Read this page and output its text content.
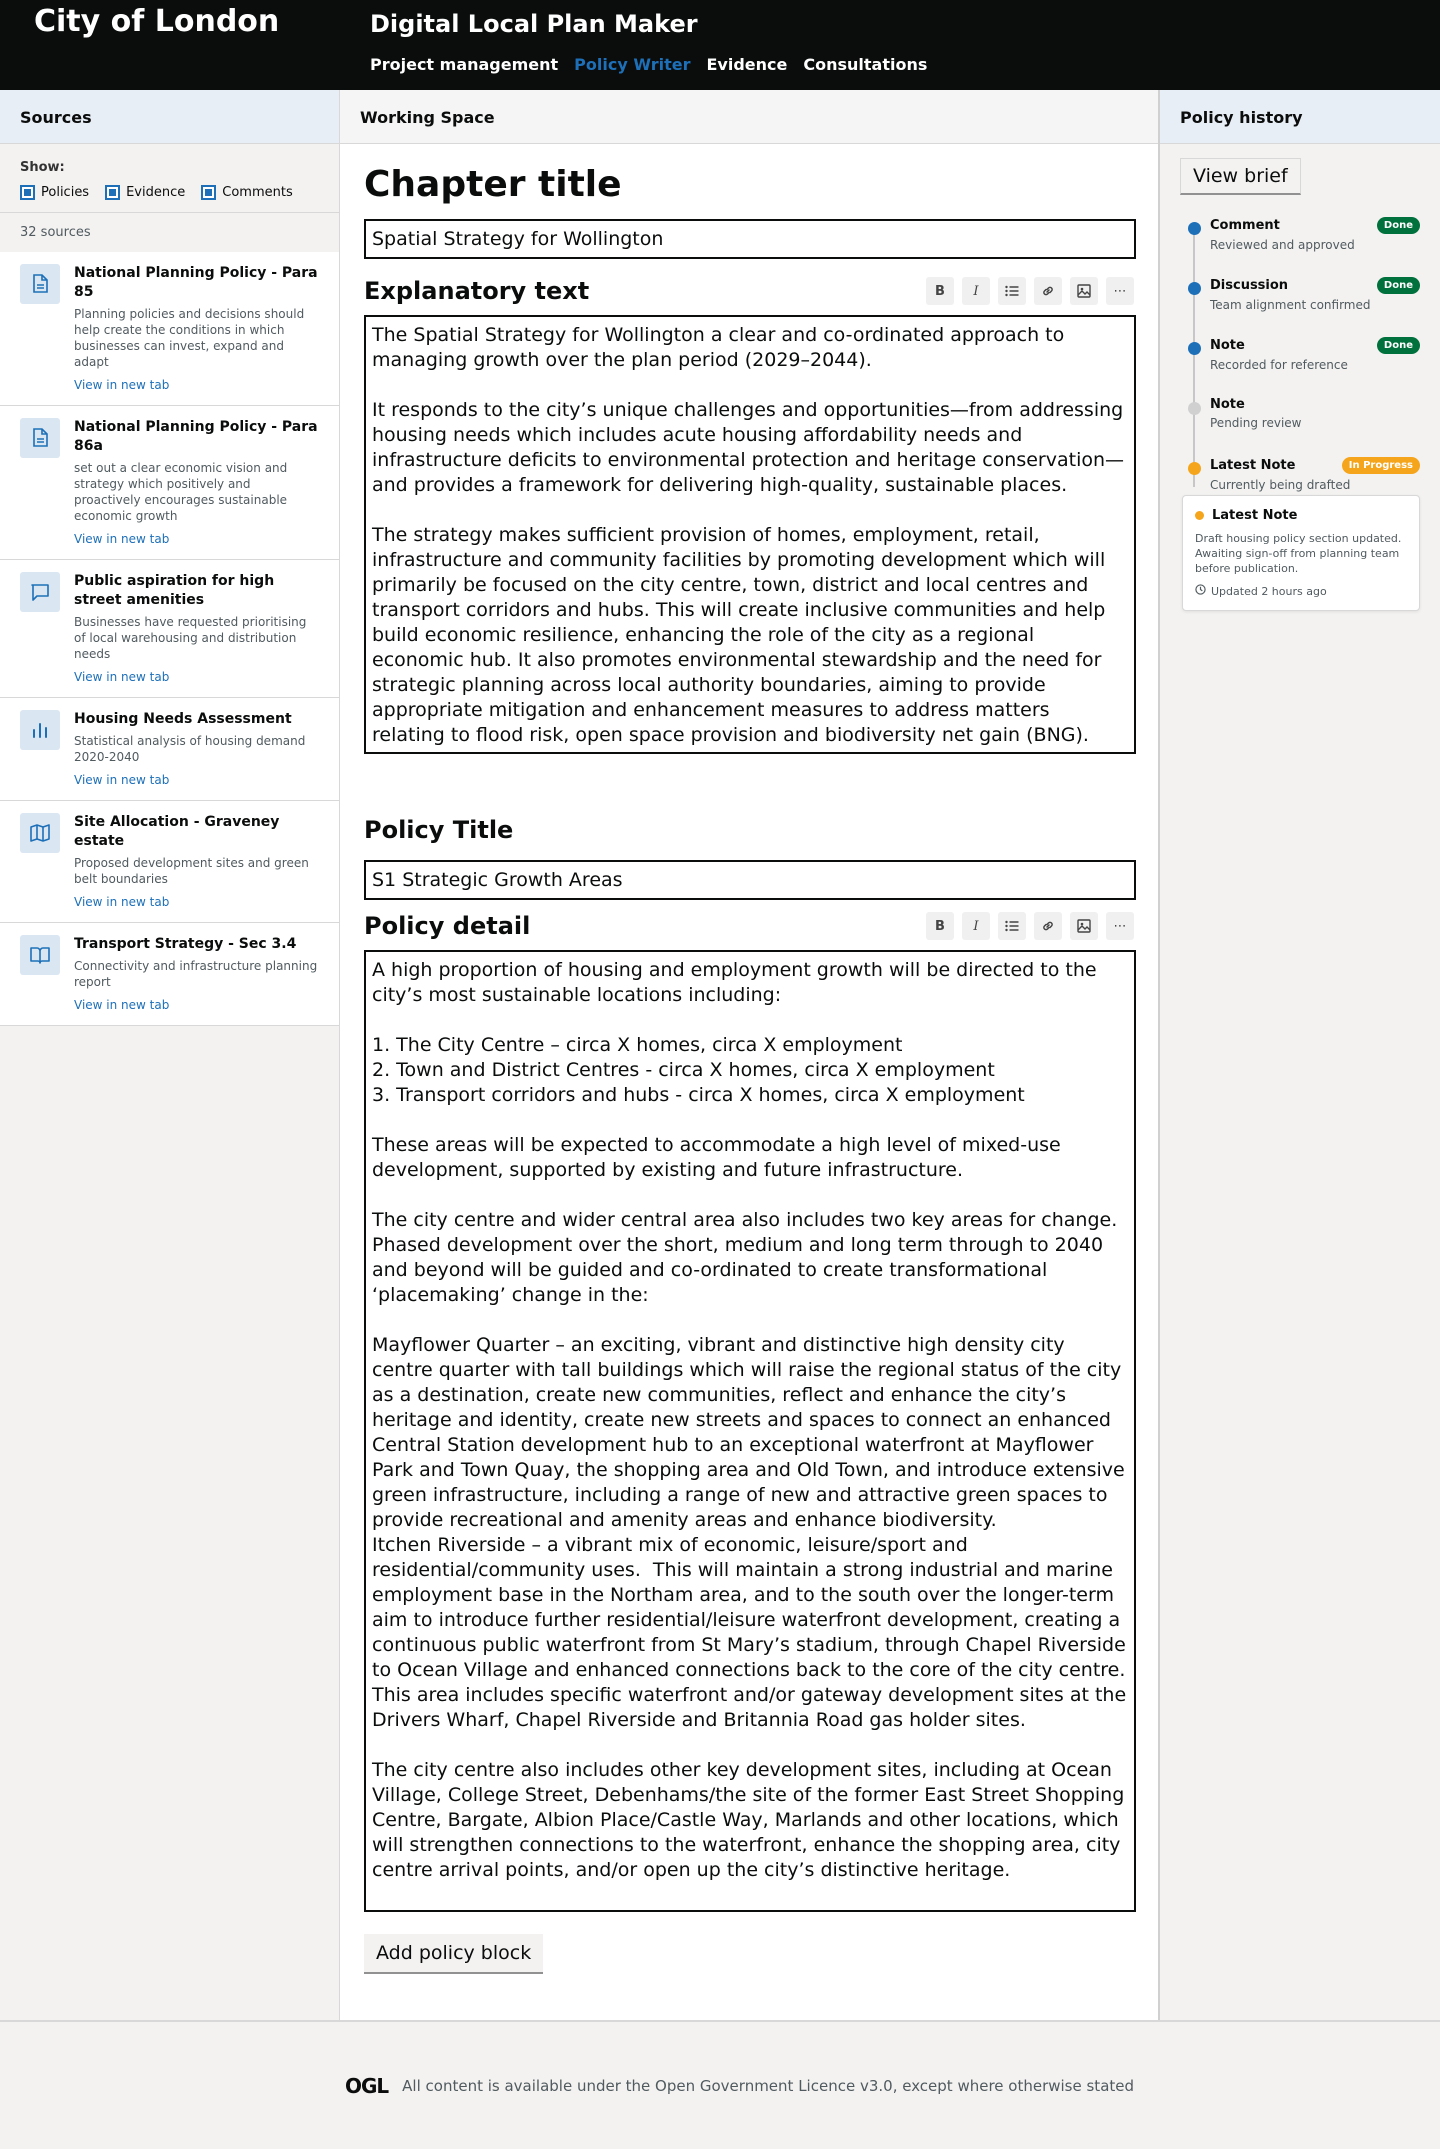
City of London	Digital Local Plan Maker
Project management Policy Writer Evidence Consultations
Sources
Show:
Policies	Evidence	Comments
32 sources
National Planning Policy - Para 85
Planning policies and decisions should help create the conditions in which businesses can invest, expand and adapt
View in new tab
National Planning Policy - Para 86a
set out a clear economic vision and strategy which positively and proactively encourages sustainable economic growth
View in new tab
Public aspiration for high street amenities
Businesses have requested prioritising of local warehousing and distribution needs
View in new tab
Housing Needs Assessment
Statistical analysis of housing demand 2020-2040
View in new tab
Site Allocation - Graveney estate
Proposed development sites and green belt boundaries
View in new tab
Transport Strategy - Sec 3.4
Connectivity and infrastructure planning report
View in new tab
Working Space
Chapter title
Spatial Strategy for Wollington
Explanatory text	B I	⋯
The Spatial Strategy for Wollington a clear and co-ordinated approach to managing growth over the plan period (2029–2044).

It responds to the city’s unique challenges and opportunities—from addressing housing needs which includes acute housing affordability needs and infrastructure deficits to environmental protection and heritage conservation—and provides a framework for delivering high-quality, sustainable places.

The strategy makes sufficient provision of homes, employment, retail, infrastructure and community facilities by promoting development which will primarily be focused on the city centre, town, district and local centres and transport corridors and hubs. This will create inclusive communities and help build economic resilience, enhancing the role of the city as a regional economic hub. It also promotes environmental stewardship and the need for strategic planning across local authority boundaries, aiming to provide appropriate mitigation and enhancement measures to address matters relating to flood risk, open space provision and biodiversity net gain (BNG).
Policy Title
S1 Strategic Growth Areas
Policy detail	B I	⋯
A high proportion of housing and employment growth will be directed to the city’s most sustainable locations including:

1. The City Centre – circa X homes, circa X employment
2. Town and District Centres - circa X homes, circa X employment
3. Transport corridors and hubs - circa X homes, circa X employment

These areas will be expected to accommodate a high level of mixed-use development, supported by existing and future infrastructure.

The city centre and wider central area also includes two key areas for change. Phased development over the short, medium and long term through to 2040 and beyond will be guided and co-ordinated to create transformational ‘placemaking’ change in the:

Mayflower Quarter – an exciting, vibrant and distinctive high density city centre quarter with tall buildings which will raise the regional status of the city as a destination, create new communities, reflect and enhance the city’s heritage and identity, create new streets and spaces to connect an enhanced Central Station development hub to an exceptional waterfront at Mayflower Park and Town Quay, the shopping area and Old Town, and introduce extensive green infrastructure, including a range of new and attractive green spaces to provide recreational and amenity areas and enhance biodiversity.
Itchen Riverside – a vibrant mix of economic, leisure/sport and residential/community uses.  This will maintain a strong industrial and marine employment base in the Northam area, and to the south over the longer-term aim to introduce further residential/leisure waterfront development, creating a continuous public waterfront from St Mary’s stadium, through Chapel Riverside to Ocean Village and enhanced connections back to the core of the city centre. This area includes specific waterfront and/or gateway development sites at the Drivers Wharf, Chapel Riverside and Britannia Road gas holder sites.

The city centre also includes other key development sites, including at Ocean Village, College Street, Debenhams/the site of the former East Street Shopping Centre, Bargate, Albion Place/Castle Way, Marlands and other locations, which will strengthen connections to the waterfront, enhance the shopping area, city centre arrival points, and/or open up the city’s distinctive heritage.
Add policy block
Policy history
View brief
Comment	Done
Reviewed and approved
Discussion	Done
Team alignment confirmed
Note	Done
Recorded for reference
Note
Pending review
Latest Note	In Progress
Currently being drafted
Latest Note
Draft housing policy section updated. Awaiting sign-off from planning team before publication.
Updated 2 hours ago
OGL All content is available under the Open Government Licence v3.0, except where otherwise stated
